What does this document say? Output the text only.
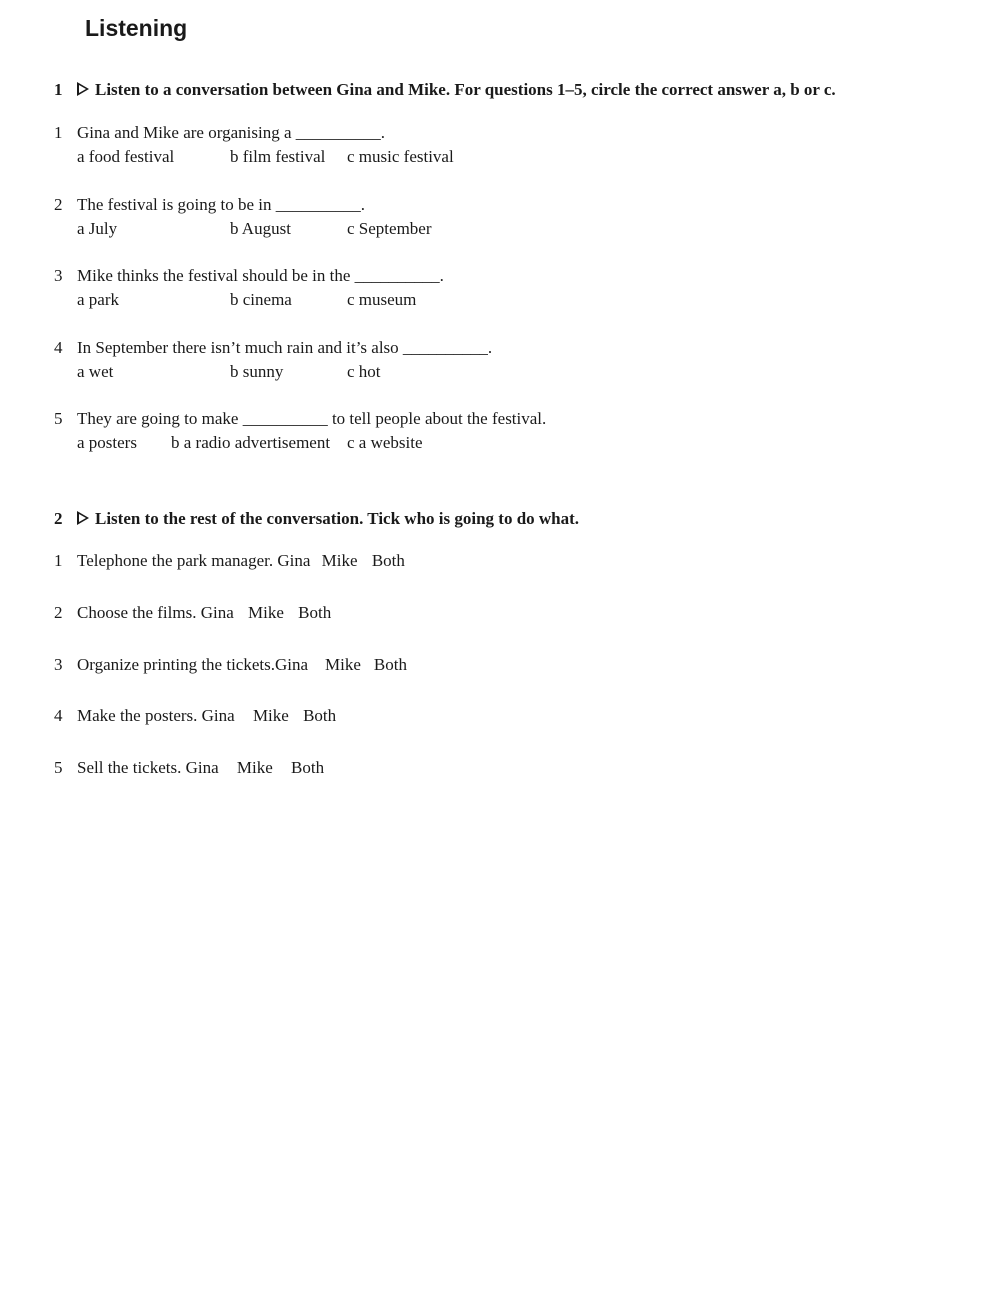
Listening
1	Listen to a conversation between Gina and Mike. For questions 1–5, circle the correct answer a, b or c.
1 Gina and Mike are organising a __________.
a food festival	b film festival c music festival
2 The festival is going to be in __________.
a July	b August	c September
3 Mike thinks the festival should be in the __________.
a park	b cinema	c museum
4 In September there isn’t much rain and it’s also __________.
a wet	b sunny	c hot
5 They are going to make __________ to tell people about the festival.
a posters b a radio advertisement c a website
2	Listen to the rest of the conversation. Tick who is going to do what.
1 Telephone the park manager. Gina Mike Both
2 Choose the films. Gina Mike Both
3 Organize printing the tickets.Gina Mike Both
4 Make the posters. Gina Mike Both
5 Sell the tickets. Gina Mike Both
